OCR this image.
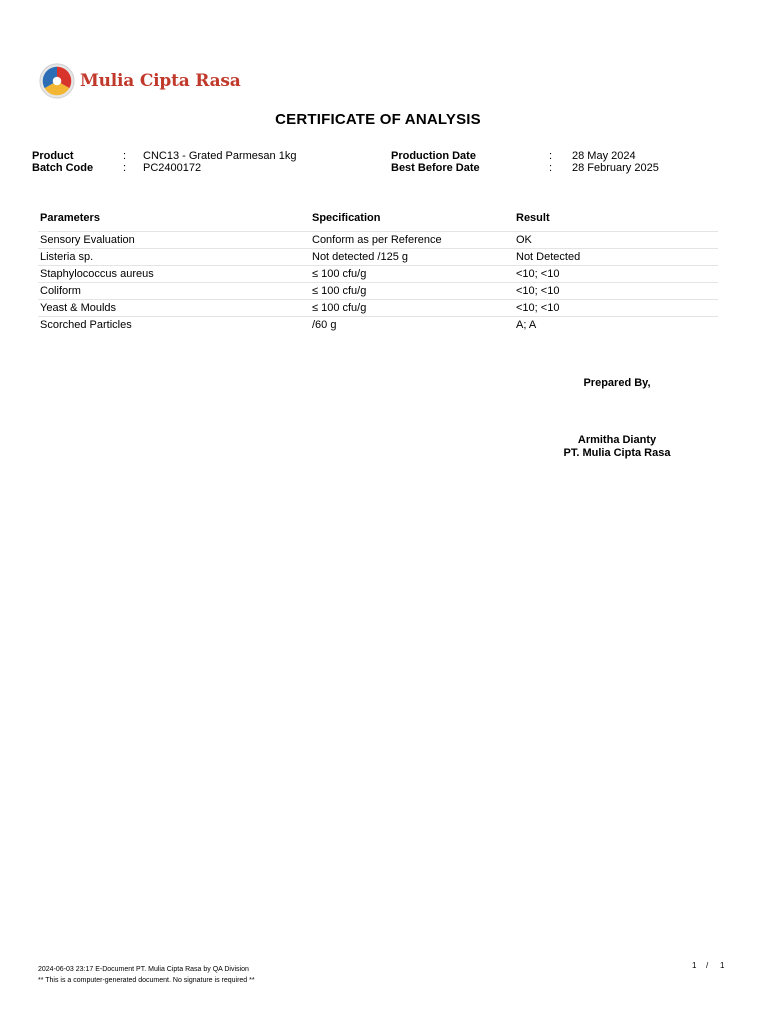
Mulia Cipta Rasa
CERTIFICATE OF ANALYSIS
Product	: CNC13 - Grated Parmesan 1kg
Batch Code	: PC2400172
Production Date	: 28 May 2024
Best Before Date	: 28 February 2025
Parameters	Specification	Result
Sensory Evaluation	Conform as per Reference	OK
Listeria sp.	Not detected /125 g	Not Detected
Staphylococcus aureus	≤ 100 cfu/g	<10; <10
Coliform	≤ 100 cfu/g	<10; <10
Yeast & Moulds	≤ 100 cfu/g	<10; <10
Scorched Particles	/60 g	A; A
Prepared By,
Armitha Dianty
PT. Mulia Cipta Rasa
2024-06-03 23:17 E-Document PT. Mulia Cipta Rasa by QA Division
** This is a computer-generated document. No signature is required **
1 / 1
